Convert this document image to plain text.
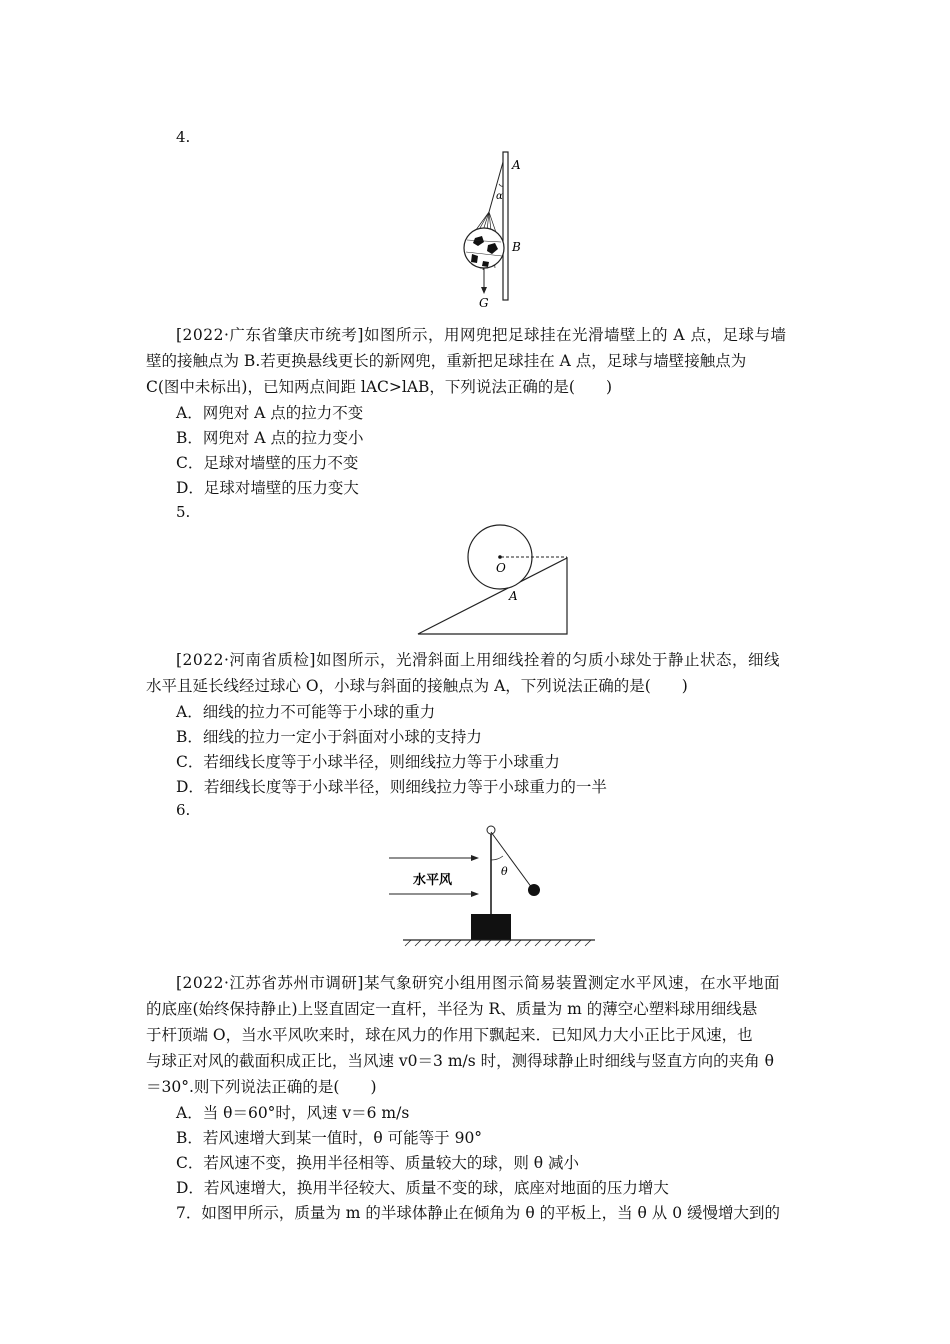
4.
A
α
B
G
[2022·广东省肇庆市统考]如图所示，用网兜把足球挂在光滑墙壁上的 A 点，足球与墙
壁的接触点为 B.若更换悬线更长的新网兜，重新把足球挂在 A 点，足球与墙壁接触点为
C(图中未标出)，已知两点间距 lAC>lAB，下列说法正确的是(　　)
A．网兜对 A 点的拉力不变
B．网兜对 A 点的拉力变小
C．足球对墙壁的压力不变
D．足球对墙壁的压力变大
5.
O
A
[2022·河南省质检]如图所示，光滑斜面上用细线拴着的匀质小球处于静止状态，细线
水平且延长线经过球心 O，小球与斜面的接触点为 A，下列说法正确的是(　　)
A．细线的拉力不可能等于小球的重力
B．细线的拉力一定小于斜面对小球的支持力
C．若细线长度等于小球半径，则细线拉力等于小球重力
D．若细线长度等于小球半径，则细线拉力等于小球重力的一半
6.
水平风
θ
[2022·江苏省苏州市调研]某气象研究小组用图示简易装置测定水平风速，在水平地面
的底座(始终保持静止)上竖直固定一直杆，半径为 R、质量为 m 的薄空心塑料球用细线悬
于杆顶端 O，当水平风吹来时，球在风力的作用下飘起来．已知风力大小正比于风速，也
与球正对风的截面积成正比，当风速 v0＝3 m/s 时，测得球静止时细线与竖直方向的夹角 θ
＝30°.则下列说法正确的是(　　)
A．当 θ＝60°时，风速 v＝6 m/s
B．若风速增大到某一值时，θ 可能等于 90°
C．若风速不变，换用半径相等、质量较大的球，则 θ 减小
D．若风速增大，换用半径较大、质量不变的球，底座对地面的压力增大
7．如图甲所示，质量为 m 的半球体静止在倾角为 θ 的平板上，当 θ 从 0 缓慢增大到的
